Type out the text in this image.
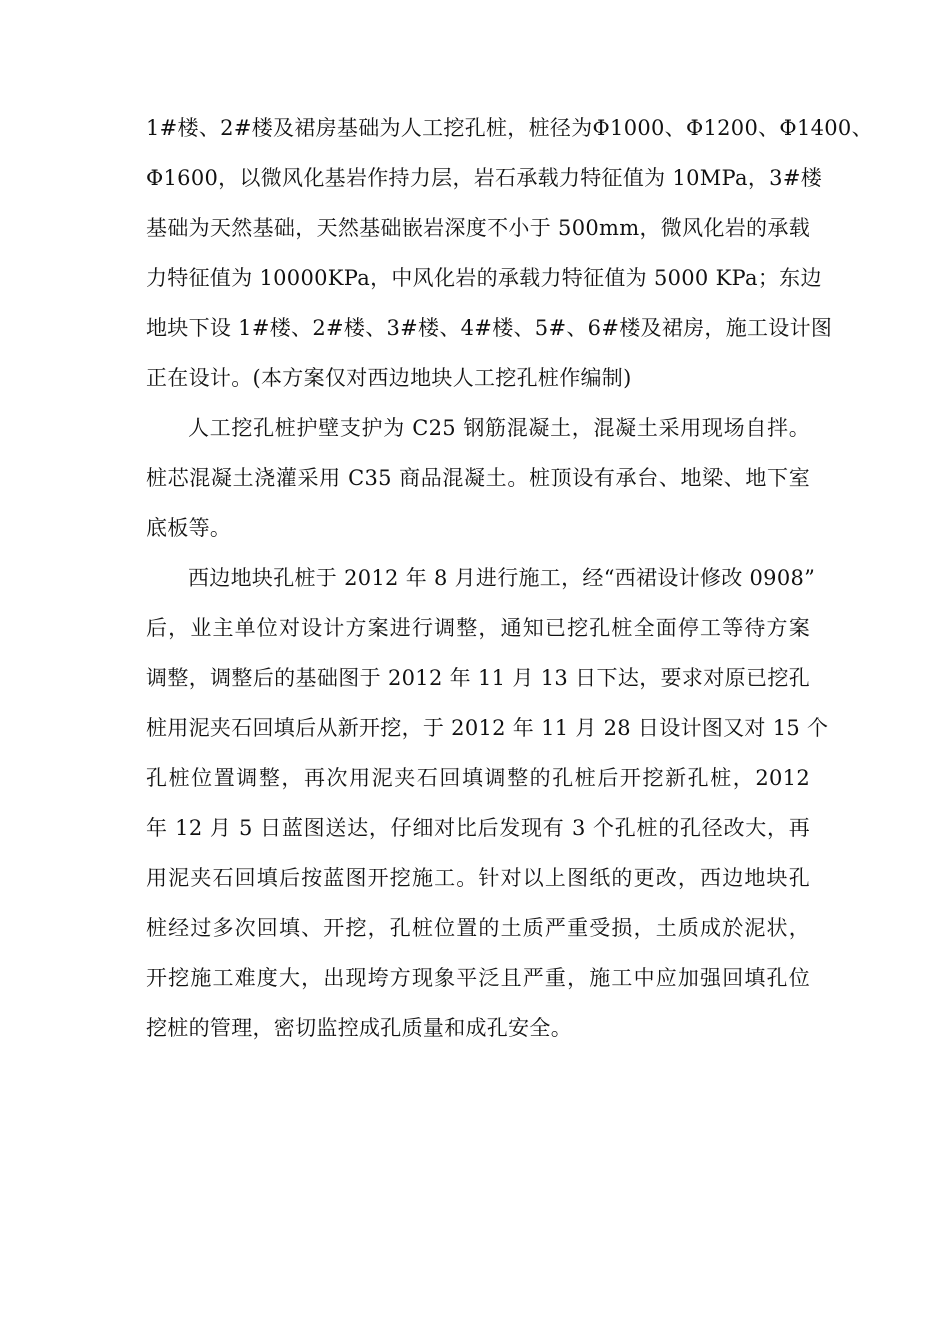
1#楼、2#楼及裙房基础为人工挖孔桩，桩径为Φ1000、Φ1200、Φ1400、
Φ1600，以微风化基岩作持力层，岩石承载力特征值为 10MPa，3#楼
基础为天然基础，天然基础嵌岩深度不小于 500mm，微风化岩的承载
力特征值为 10000KPa，中风化岩的承载力特征值为 5000 KPa；东边
地块下设 1#楼、2#楼、3#楼、4#楼、5#、6#楼及裙房，施工设计图
正在设计。(本方案仅对西边地块人工挖孔桩作编制)
人工挖孔桩护壁支护为 C25 钢筋混凝土，混凝土采用现场自拌。
桩芯混凝土浇灌采用 C35 商品混凝土。桩顶设有承台、地梁、地下室
底板等。
西边地块孔桩于 2012 年 8 月进行施工，经“西裙设计修改 0908”
后，业主单位对设计方案进行调整，通知已挖孔桩全面停工等待方案
调整，调整后的基础图于 2012 年 11 月 13 日下达，要求对原已挖孔
桩用泥夹石回填后从新开挖，于 2012 年 11 月 28 日设计图又对 15 个
孔桩位置调整，再次用泥夹石回填调整的孔桩后开挖新孔桩，2012
年 12 月 5 日蓝图送达，仔细对比后发现有 3 个孔桩的孔径改大，再
用泥夹石回填后按蓝图开挖施工。针对以上图纸的更改，西边地块孔
桩经过多次回填、开挖，孔桩位置的土质严重受损，土质成於泥状，
开挖施工难度大，出现垮方现象平泛且严重，施工中应加强回填孔位
挖桩的管理，密切监控成孔质量和成孔安全。
